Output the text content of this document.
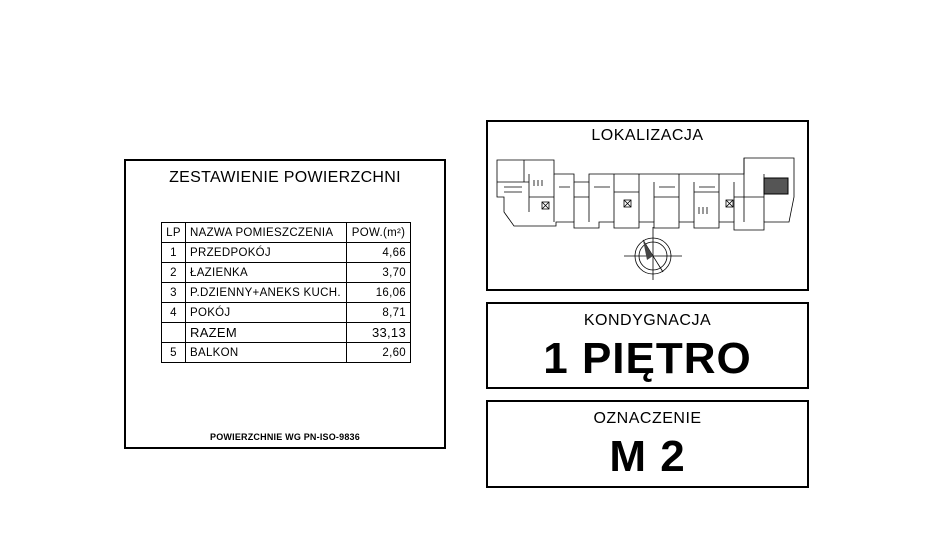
ZESTAWIENIE POWIERZCHNI
LP	NAZWA POMIESZCZENIA	POW.(m²)
1	PRZEDPOKÓJ	4,66
2	ŁAZIENKA	3,70
3	P.DZIENNY+ANEKS KUCH.	16,06
4	POKÓJ	8,71
	RAZEM	33,13
5	BALKON	2,60
POWIERZCHNIE WG PN-ISO-9836
LOKALIZACJA
KONDYGNACJA
1 PIĘTRO
OZNACZENIE
M 2
